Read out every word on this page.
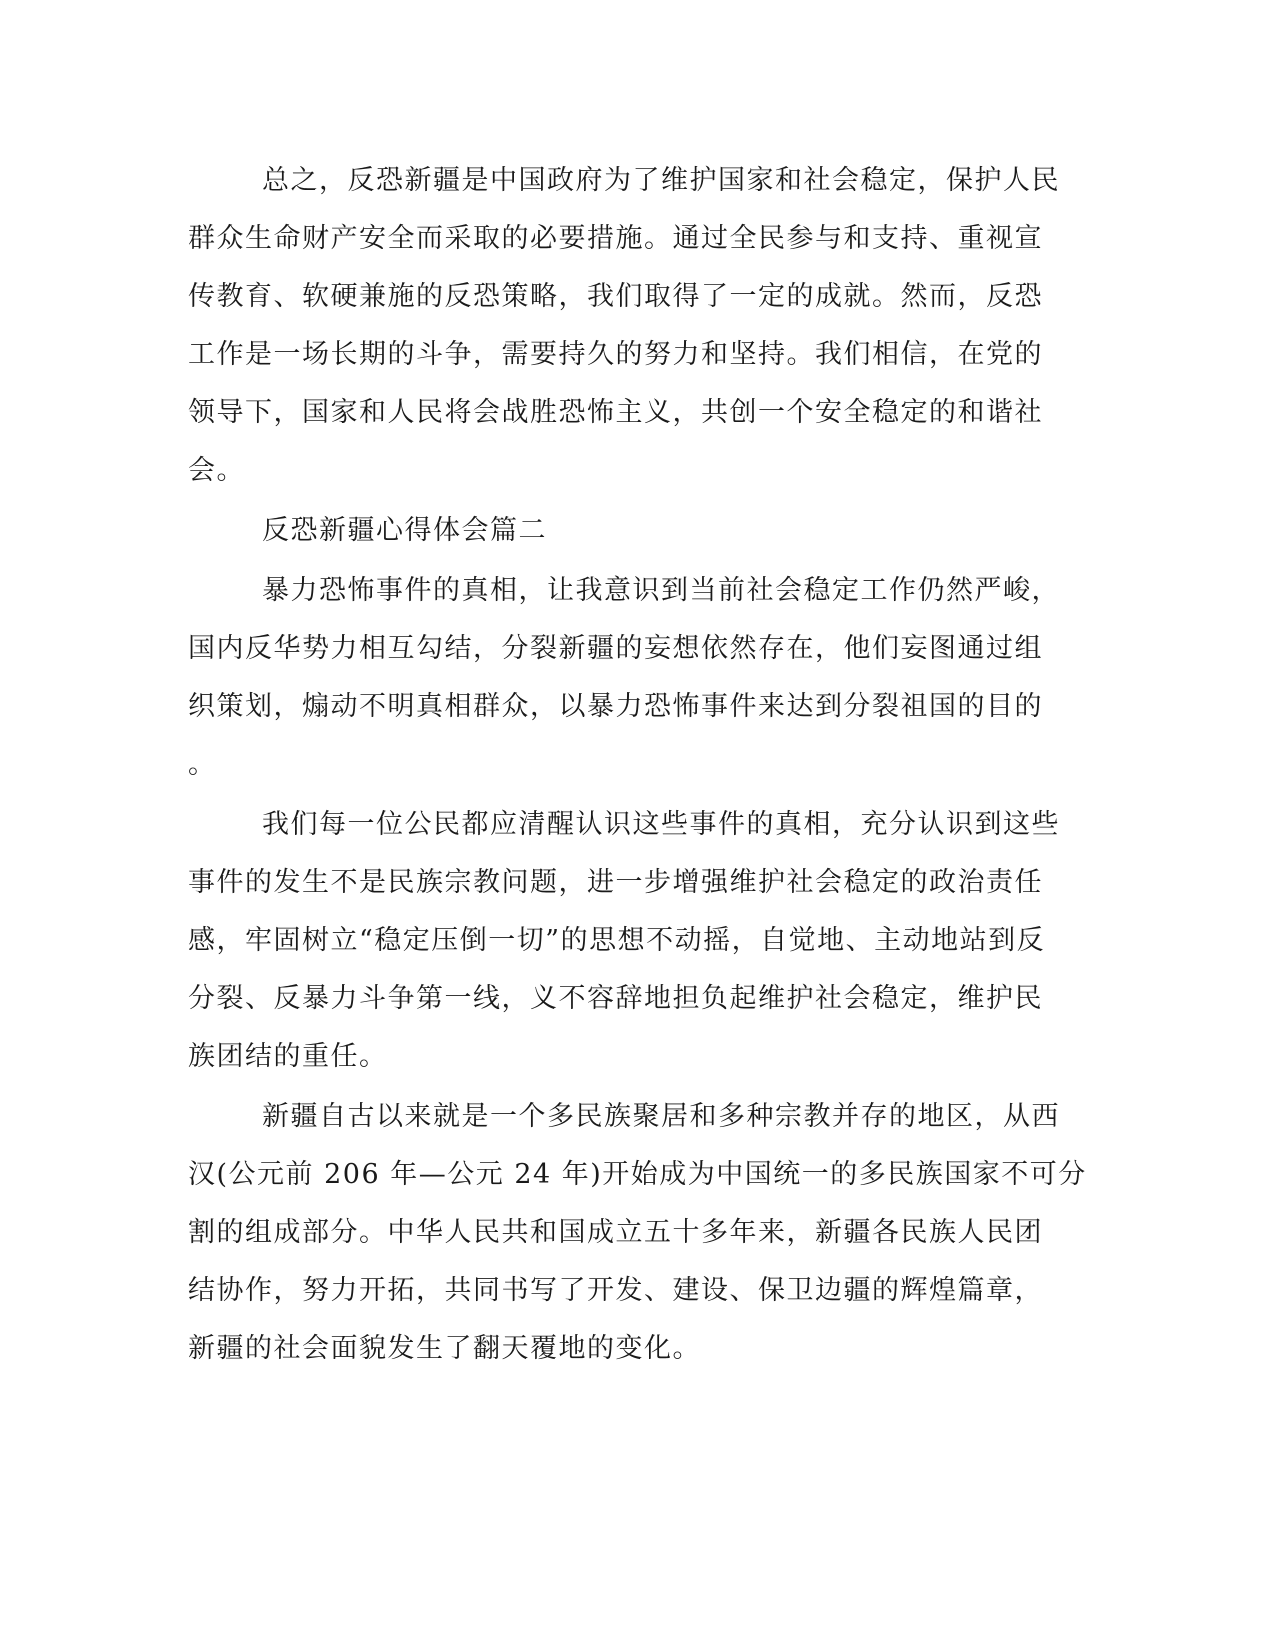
总之，反恐新疆是中国政府为了维护国家和社会稳定，保护人民
群众生命财产安全而采取的必要措施。通过全民参与和支持、重视宣
传教育、软硬兼施的反恐策略，我们取得了一定的成就。然而，反恐
工作是一场长期的斗争，需要持久的努力和坚持。我们相信，在党的
领导下，国家和人民将会战胜恐怖主义，共创一个安全稳定的和谐社
会。
反恐新疆心得体会篇二
暴力恐怖事件的真相，让我意识到当前社会稳定工作仍然严峻，
国内反华势力相互勾结，分裂新疆的妄想依然存在，他们妄图通过组
织策划，煽动不明真相群众，以暴力恐怖事件来达到分裂祖国的目的
。
我们每一位公民都应清醒认识这些事件的真相，充分认识到这些
事件的发生不是民族宗教问题，进一步增强维护社会稳定的政治责任
感，牢固树立“稳定压倒一切”的思想不动摇，自觉地、主动地站到反
分裂、反暴力斗争第一线，义不容辞地担负起维护社会稳定，维护民
族团结的重任。
新疆自古以来就是一个多民族聚居和多种宗教并存的地区，从西
汉(公元前 206 年—公元 24 年)开始成为中国统一的多民族国家不可分
割的组成部分。中华人民共和国成立五十多年来，新疆各民族人民团
结协作，努力开拓，共同书写了开发、建设、保卫边疆的辉煌篇章，
新疆的社会面貌发生了翻天覆地的变化。
